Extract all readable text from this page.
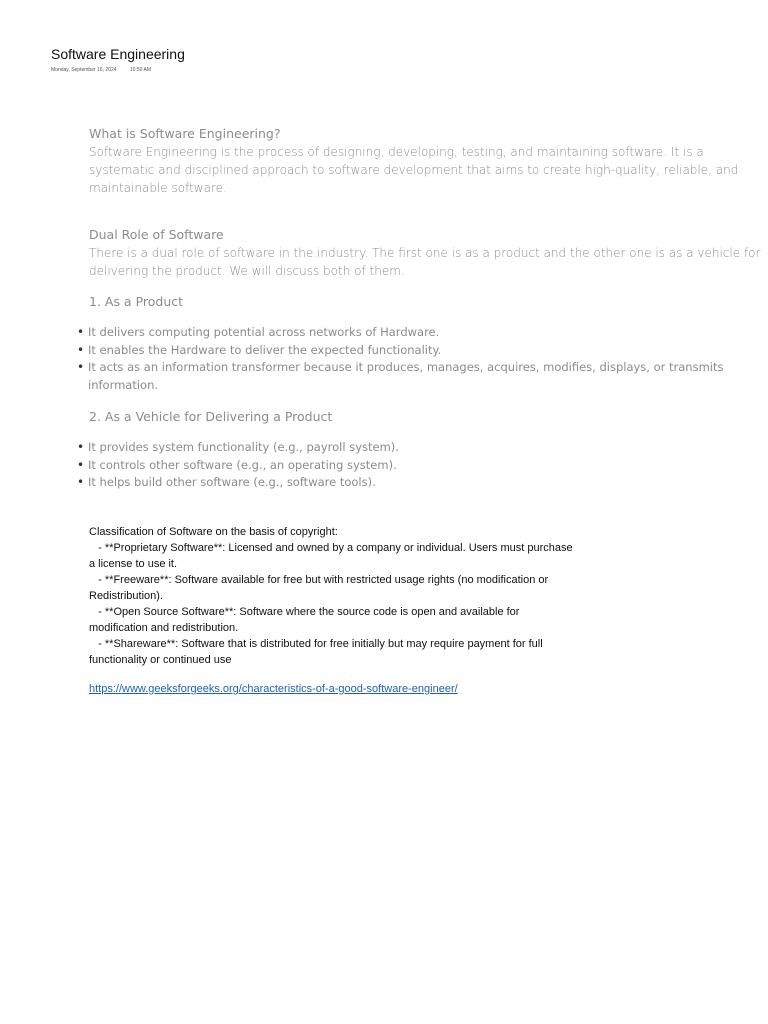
Software Engineering
Monday, September 16, 2024	10:50 AM
What is Software Engineering?
Software Engineering is the process of designing, developing, testing, and maintaining software. It is a systematic and disciplined approach to software development that aims to create high-quality, reliable, and maintainable software.
Dual Role of Software
There is a dual role of software in the industry. The first one is as a product and the other one is as a vehicle for delivering the product. We will discuss both of them.
1. As a Product
• It delivers computing potential across networks of Hardware.
• It enables the Hardware to deliver the expected functionality.
• It acts as an information transformer because it produces, manages, acquires, modifies, displays, or transmits information.
2. As a Vehicle for Delivering a Product
• It provides system functionality (e.g., payroll system).
• It controls other software (e.g., an operating system).
• It helps build other software (e.g., software tools).
Classification of Software on the basis of copyright:
- **Proprietary Software**: Licensed and owned by a company or individual. Users must purchase
a license to use it.
- **Freeware**: Software available for free but with restricted usage rights (no modification or
Redistribution).
- **Open Source Software**: Software where the source code is open and available for
modification and redistribution.
- **Shareware**: Software that is distributed for free initially but may require payment for full
functionality or continued use
https://www.geeksforgeeks.org/characteristics-of-a-good-software-engineer/
